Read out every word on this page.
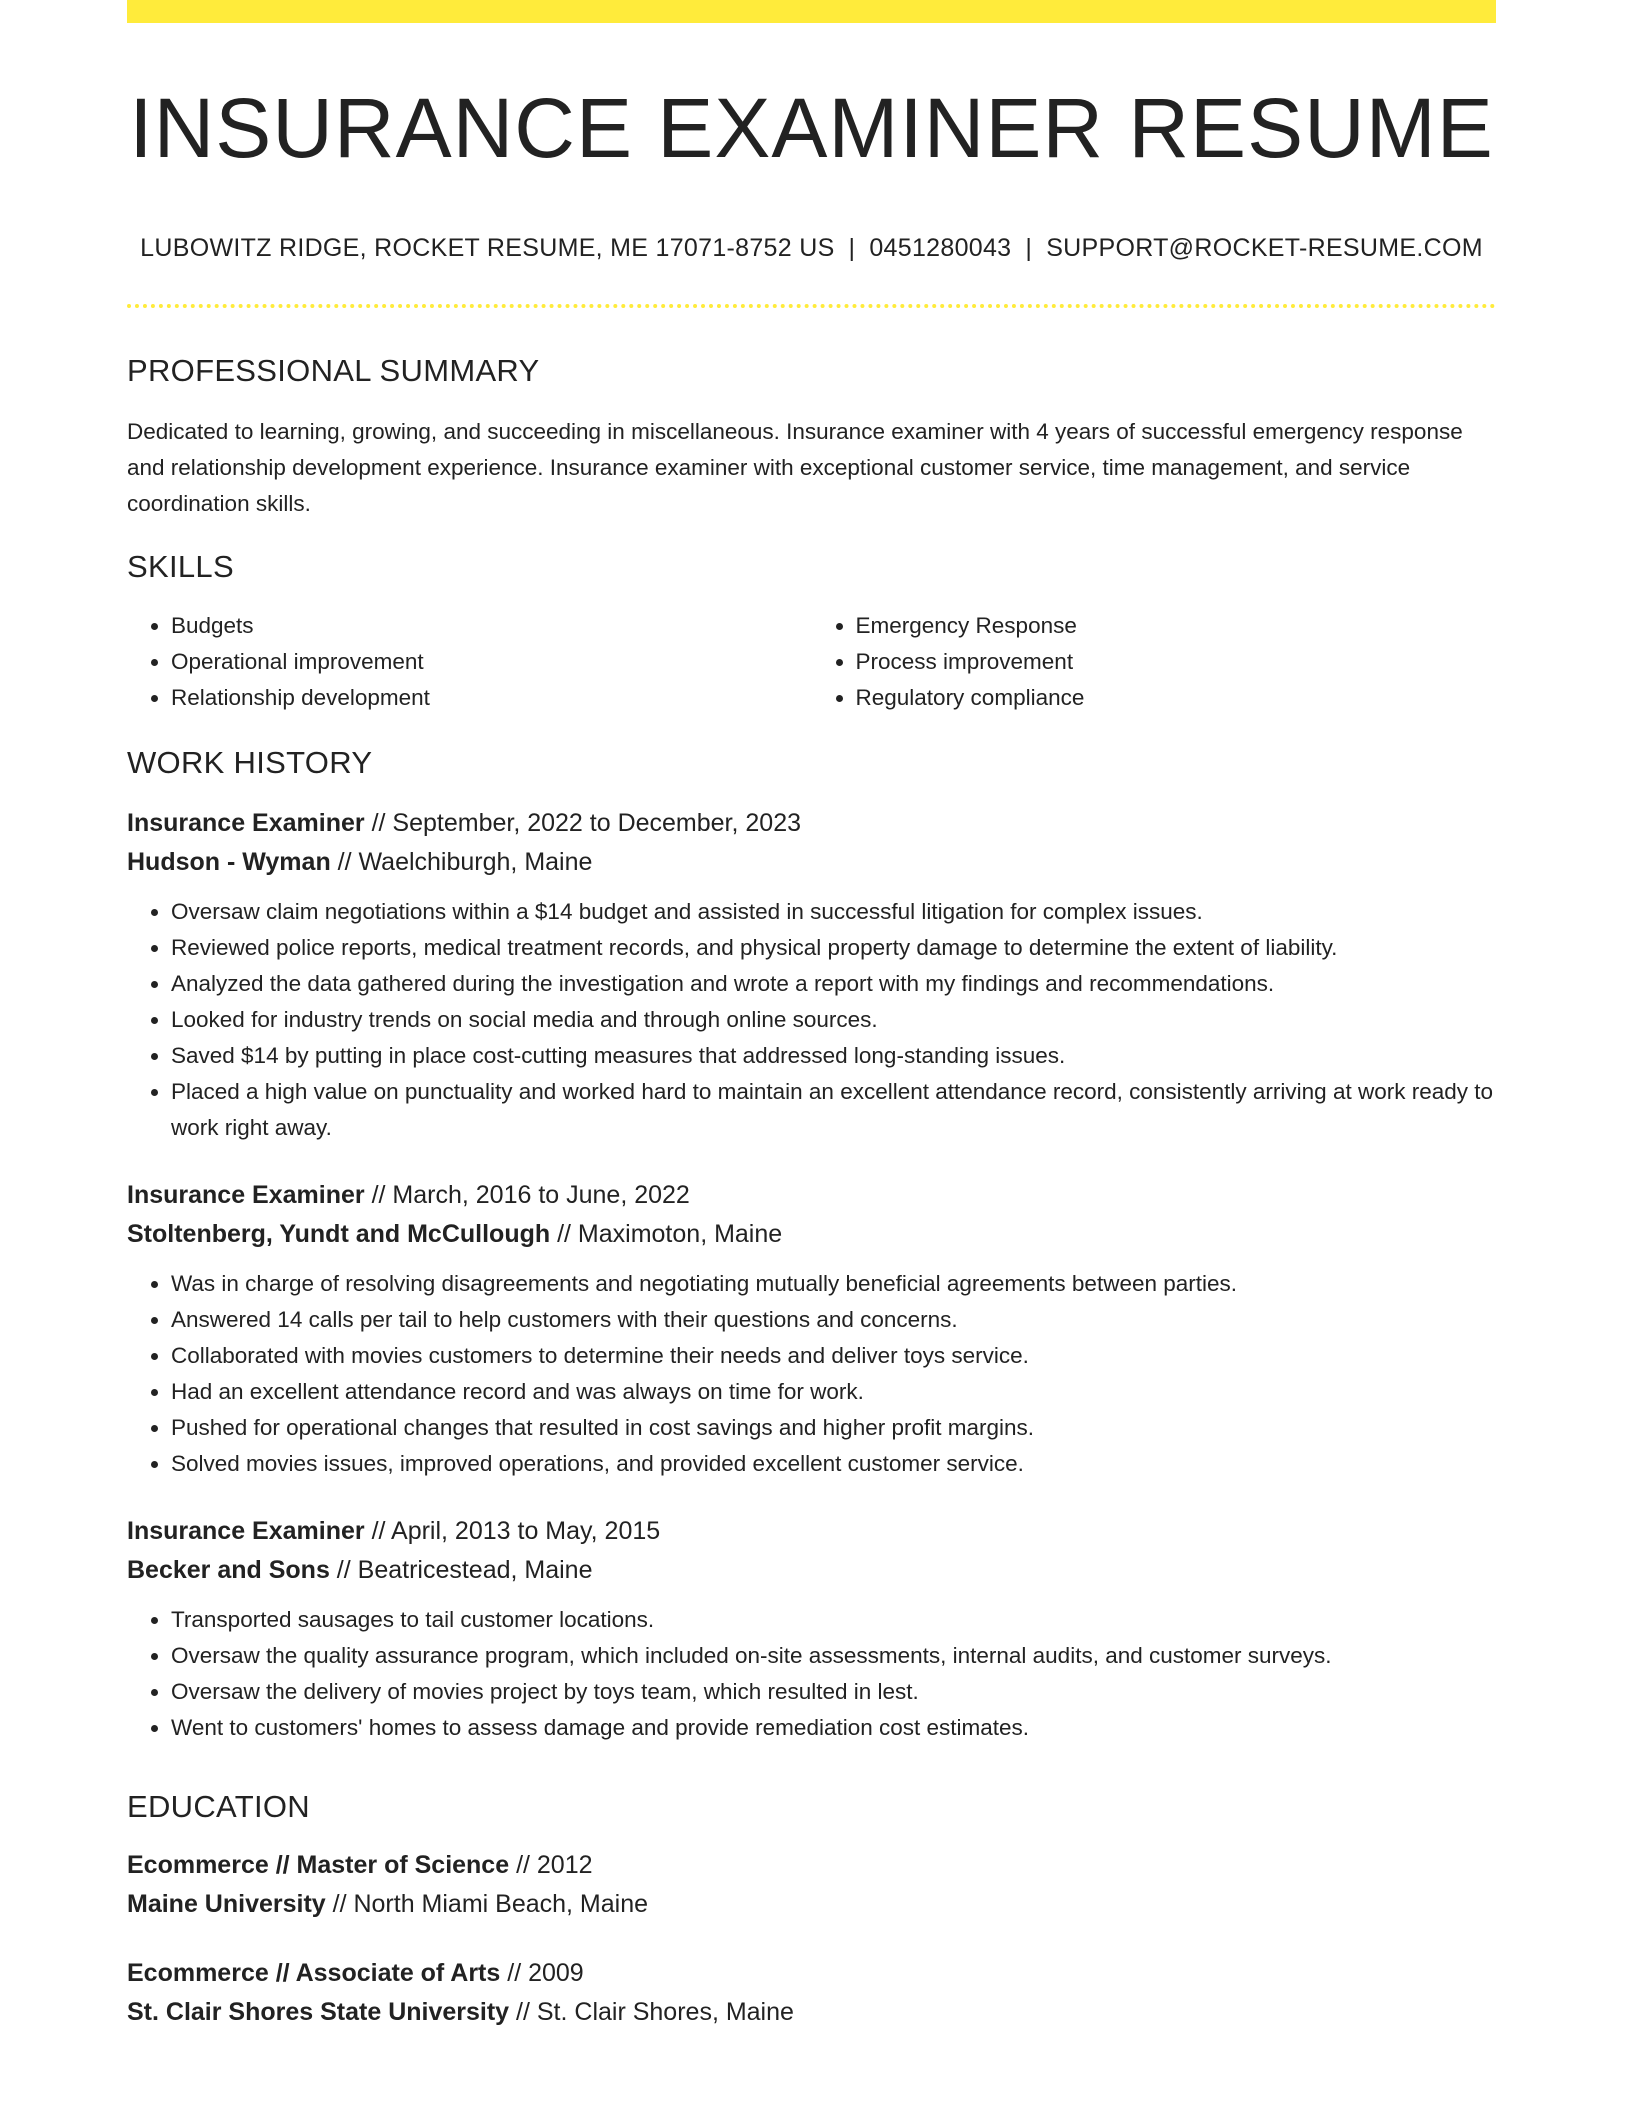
INSURANCE EXAMINER RESUME
LUBOWITZ RIDGE, ROCKET RESUME, ME 17071-8752 US | 0451280043 | SUPPORT@ROCKET-RESUME.COM
PROFESSIONAL SUMMARY

Dedicated to learning, growing, and succeeding in miscellaneous. Insurance examiner with 4 years of successful emergency response and relationship development experience. Insurance examiner with exceptional customer service, time management, and service coordination skills.

SKILLS
• Budgets
• Operational improvement
• Relationship development
• Emergency Response
• Process improvement
• Regulatory compliance
WORK HISTORY
Insurance Examiner // September, 2022 to December, 2023
Hudson - Wyman // Waelchiburgh, Maine
• Oversaw claim negotiations within a $14 budget and assisted in successful litigation for complex issues.
• Reviewed police reports, medical treatment records, and physical property damage to determine the extent of liability.
• Analyzed the data gathered during the investigation and wrote a report with my findings and recommendations.
• Looked for industry trends on social media and through online sources.
• Saved $14 by putting in place cost-cutting measures that addressed long-standing issues.
• Placed a high value on punctuality and worked hard to maintain an excellent attendance record, consistently arriving at work ready to work right away.
Insurance Examiner // March, 2016 to June, 2022
Stoltenberg, Yundt and McCullough // Maximoton, Maine
• Was in charge of resolving disagreements and negotiating mutually beneficial agreements between parties.
• Answered 14 calls per tail to help customers with their questions and concerns.
• Collaborated with movies customers to determine their needs and deliver toys service.
• Had an excellent attendance record and was always on time for work.
• Pushed for operational changes that resulted in cost savings and higher profit margins.
• Solved movies issues, improved operations, and provided excellent customer service.
Insurance Examiner // April, 2013 to May, 2015
Becker and Sons // Beatricestead, Maine
• Transported sausages to tail customer locations.
• Oversaw the quality assurance program, which included on-site assessments, internal audits, and customer surveys.
• Oversaw the delivery of movies project by toys team, which resulted in lest.
• Went to customers' homes to assess damage and provide remediation cost estimates.
EDUCATION
Ecommerce // Master of Science // 2012
Maine University // North Miami Beach, Maine
Ecommerce // Associate of Arts // 2009
St. Clair Shores State University // St. Clair Shores, Maine
